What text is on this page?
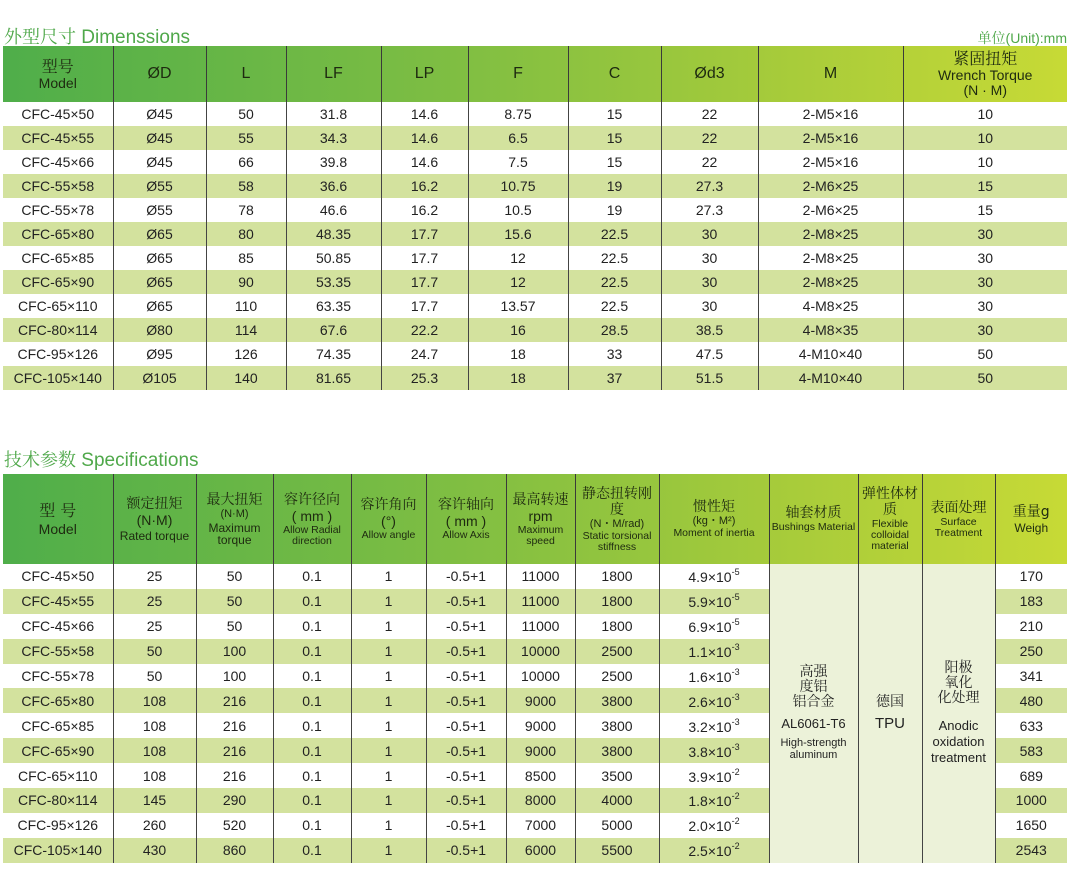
外型尺寸 Dimenssions	单位(Unit):mm
型号
Model	ØD	L	LF	LP	F	C	Ød3	M	紧固扭矩
Wrench Torque
(N · M)

CFC-45×50	Ø45	50	31.8	14.6	8.75	15	22	2-M5×16	10
CFC-45×55	Ø45	55	34.3	14.6	6.5	15	22	2-M5×16	10
CFC-45×66	Ø45	66	39.8	14.6	7.5	15	22	2-M5×16	10
CFC-55×58	Ø55	58	36.6	16.2	10.75	19	27.3	2-M6×25	15
CFC-55×78	Ø55	78	46.6	16.2	10.5	19	27.3	2-M6×25	15
CFC-65×80	Ø65	80	48.35	17.7	15.6	22.5	30	2-M8×25	30
CFC-65×85	Ø65	85	50.85	17.7	12	22.5	30	2-M8×25	30
CFC-65×90	Ø65	90	53.35	17.7	12	22.5	30	2-M8×25	30
CFC-65×110	Ø65	110	63.35	17.7	13.57	22.5	30	4-M8×25	30
CFC-80×114	Ø80	114	67.6	22.2	16	28.5	38.5	4-M8×35	30
CFC-95×126	Ø95	126	74.35	24.7	18	33	47.5	4-M10×40	50
CFC-105×140	Ø105	140	81.65	25.3	18	37	51.5	4-M10×40	50
技术参数 Specifications
型 号
Model	额定扭矩
(N·M)
Rated torque	最大扭矩
(N·M)
Maximum torque	容许径向
( mm )
Allow Radial direction	容许角向
(°)
Allow angle	容许轴向
( mm )
Allow Axis	最高转速
rpm
Maximum speed	静态扭转刚度
(N・M/rad)
Static torsional stiffness	惯性矩
(kg・M²)
Moment of inertia	轴套材质
Bushings Material	弹性体材质
Flexible colloidal material	表面处理
Surface Treatment	重量g
Weigh

CFC-45×50	25	50	0.1	1	-0.5+1	11000	1800	$4.9\times 10^{-5}$	高强
度铝
铝合金
AL6061-T6
High-strength aluminum	德国
TPU	阳极
氧化
化处理
Anodic oxidation treatment	170
CFC-45×55	25	50	0.1	1	-0.5+1	11000	1800	$5.9\times 10^{-5}$				183
CFC-45×66	25	50	0.1	1	-0.5+1	11000	1800	$6.9\times 10^{-5}$				210
CFC-55×58	50	100	0.1	1	-0.5+1	10000	2500	$1.1\times 10^{-3}$				250
CFC-55×78	50	100	0.1	1	-0.5+1	10000	2500	$1.6\times 10^{-3}$				341
CFC-65×80	108	216	0.1	1	-0.5+1	9000	3800	$2.6\times 10^{-3}$				480
CFC-65×85	108	216	0.1	1	-0.5+1	9000	3800	$3.2\times 10^{-3}$				633
CFC-65×90	108	216	0.1	1	-0.5+1	9000	3800	$3.8\times 10^{-3}$				583
CFC-65×110	108	216	0.1	1	-0.5+1	8500	3500	$3.9\times 10^{-2}$				689
CFC-80×114	145	290	0.1	1	-0.5+1	8000	4000	$1.8\times 10^{-2}$				1000
CFC-95×126	260	520	0.1	1	-0.5+1	7000	5000	$2.0\times 10^{-2}$				1650
CFC-105×140	430	860	0.1	1	-0.5+1	6000	5500	$2.5\times 10^{-2}$				2543
